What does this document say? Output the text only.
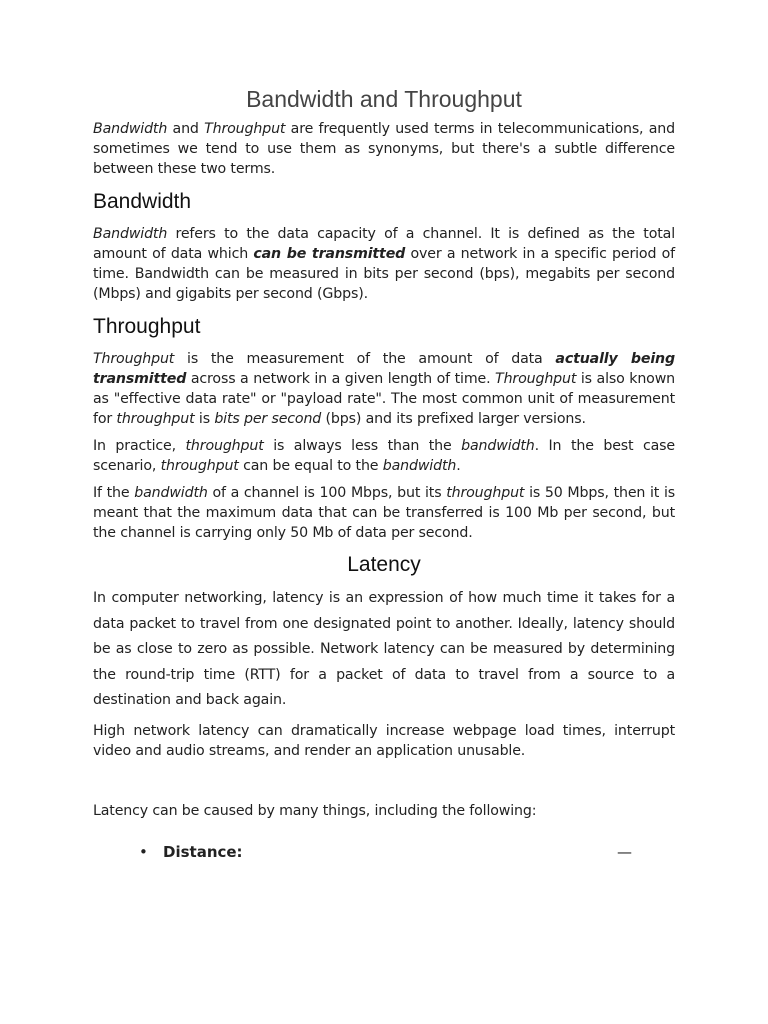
Bandwidth and Throughput

Bandwidth and Throughput are frequently used terms in telecommunications, and sometimes we tend to use them as synonyms, but there's a subtle difference between these two terms.

Bandwidth

Bandwidth refers to the data capacity of a channel. It is defined as the total amount of data which can be transmitted over a network in a specific period of time. Bandwidth can be measured in bits per second (bps), megabits per second (Mbps) and gigabits per second (Gbps).

Throughput

Throughput is the measurement of the amount of data actually being transmitted across a network in a given length of time. Throughput is also known as "effective data rate" or "payload rate". The most common unit of measurement for throughput is bits per second (bps) and its prefixed larger versions.

In practice, throughput is always less than the bandwidth. In the best case scenario, throughput can be equal to the bandwidth.

If the bandwidth of a channel is 100 Mbps, but its throughput is 50 Mbps, then it is meant that the maximum data that can be transferred is 100 Mb per second, but the channel is carrying only 50 Mb of data per second.

Latency

In computer networking, latency is an expression of how much time it takes for a data packet to travel from one designated point to another. Ideally, latency should be as close to zero as possible. Network latency can be measured by determining the round-trip time (RTT) for a packet of data to travel from a source to a destination and back again.

High network latency can dramatically increase webpage load times, interrupt video and audio streams, and render an application unusable.

Latency can be caused by many things, including the following:

• Distance:	—
